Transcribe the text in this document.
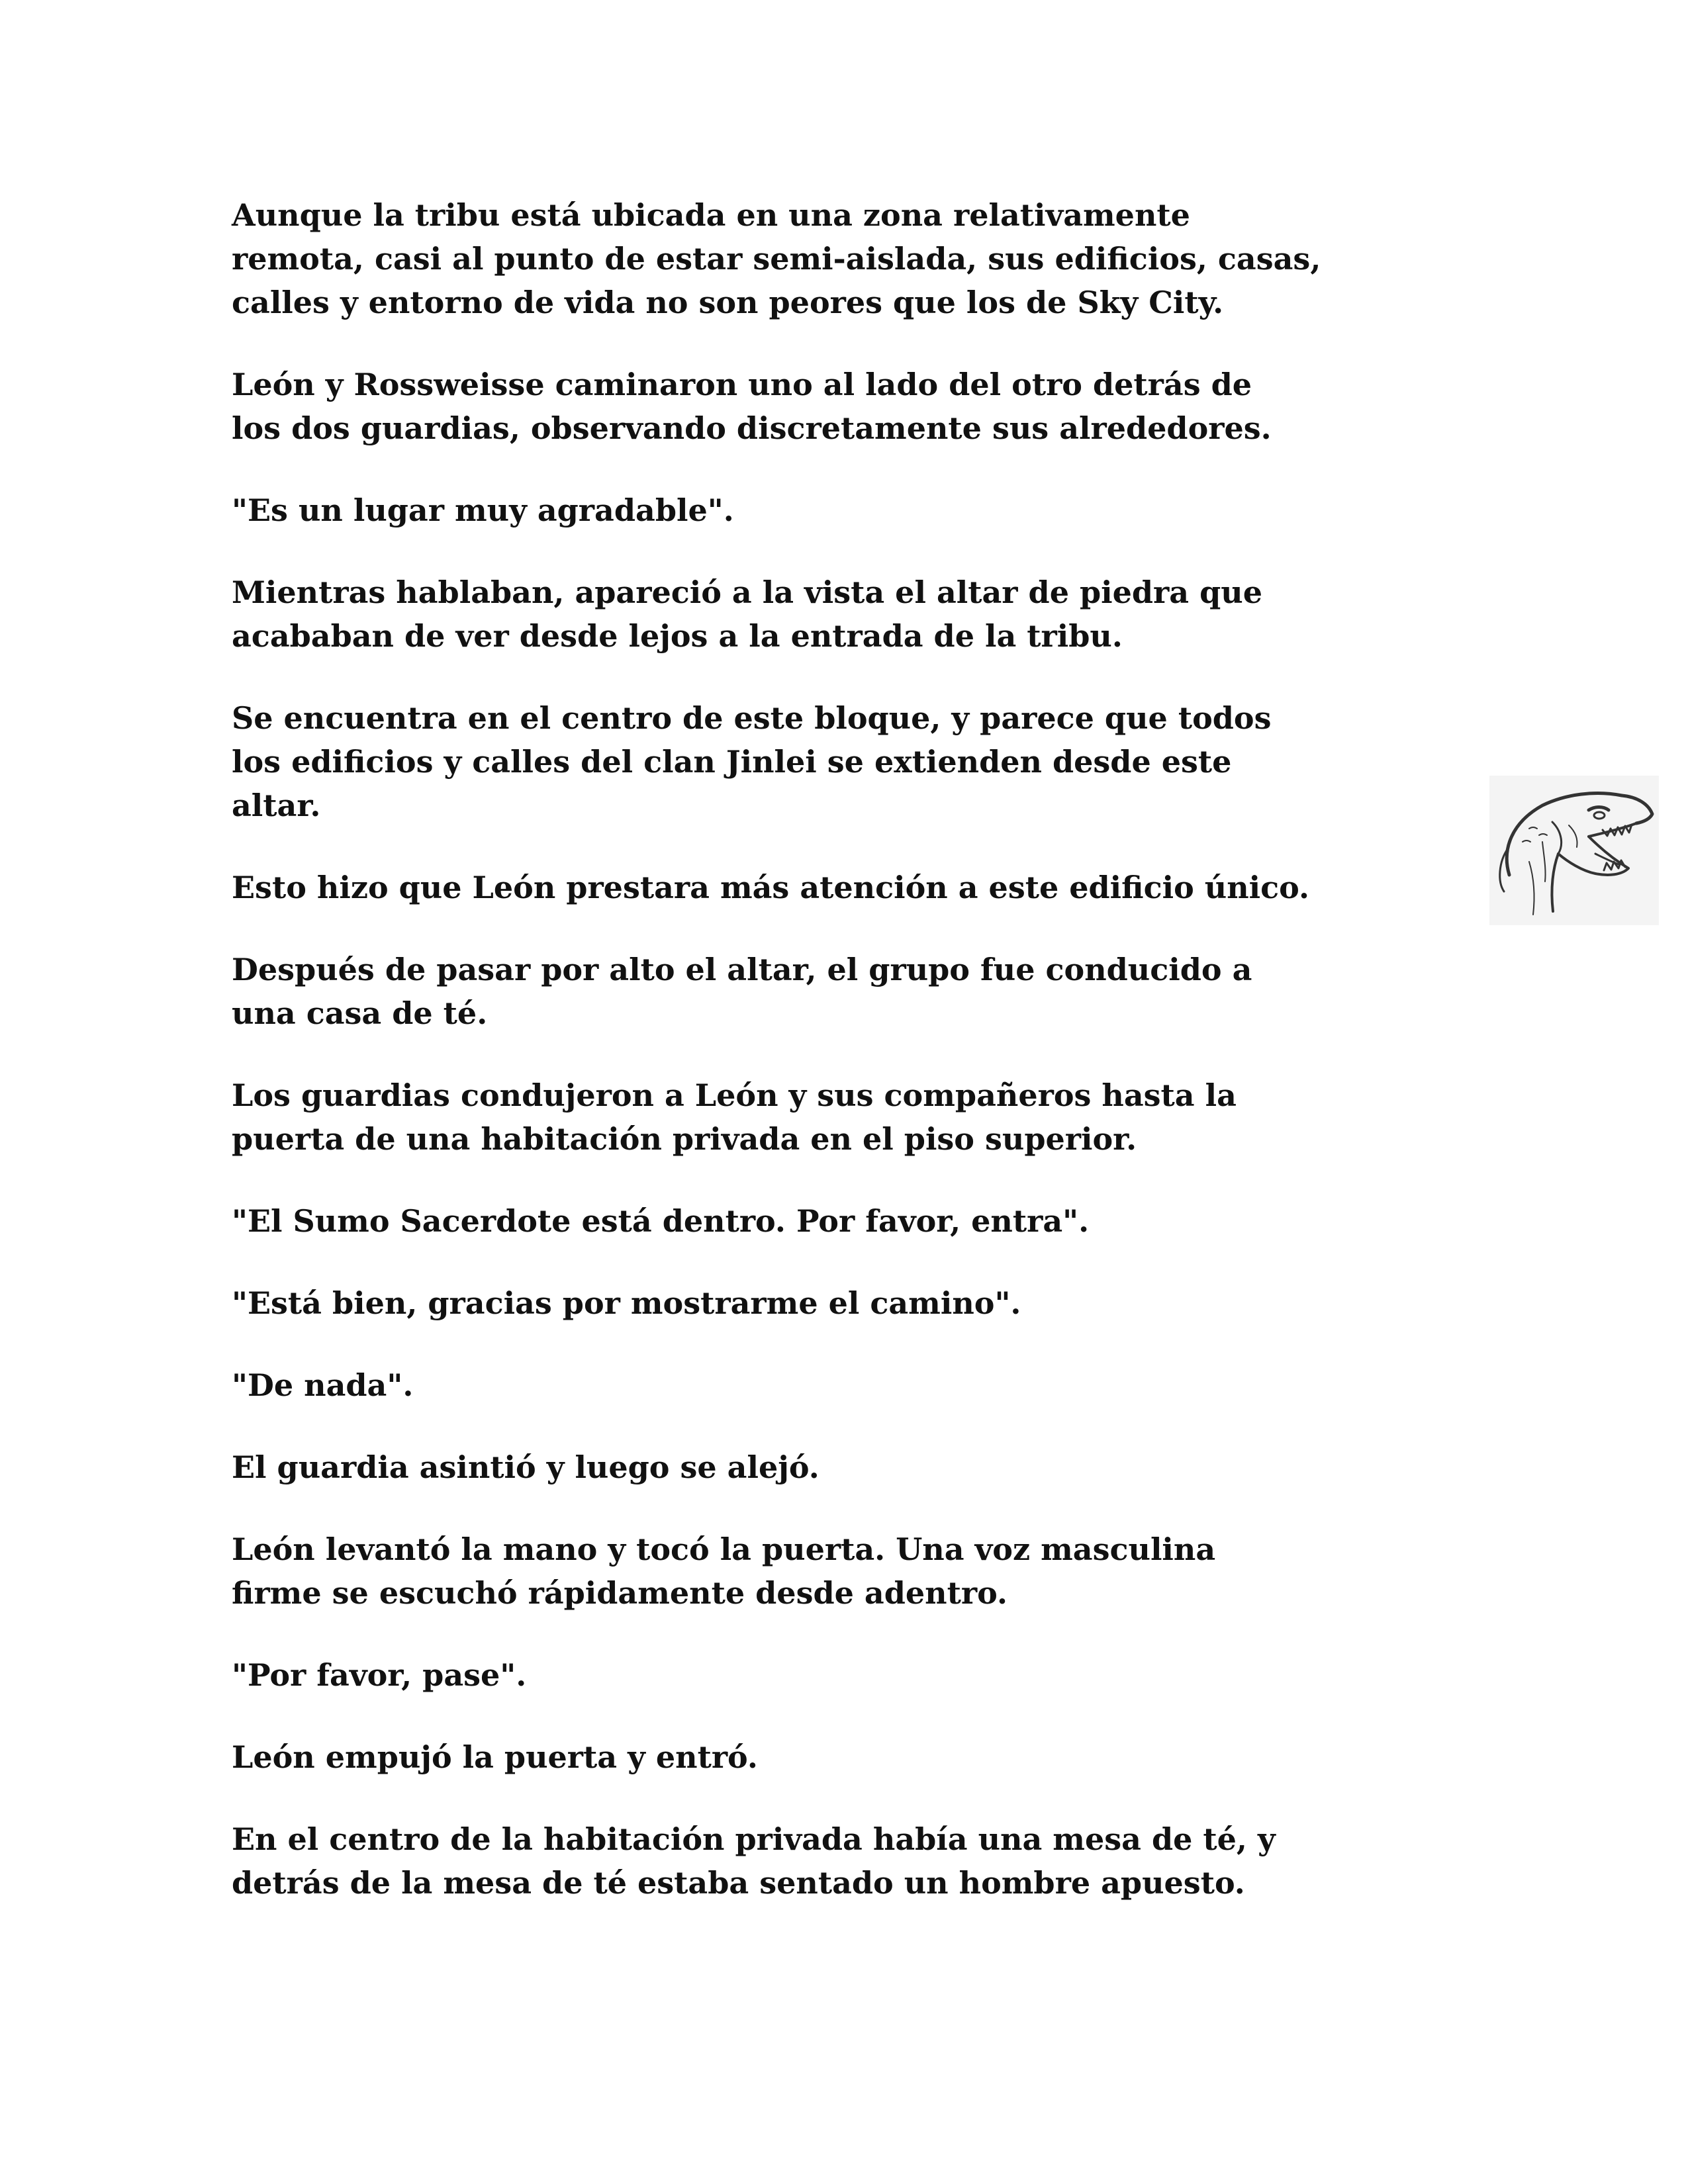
Aunque la tribu está ubicada en una zona relativamente
remota, casi al punto de estar semi-aislada, sus edificios, casas,
calles y entorno de vida no son peores que los de Sky City.

León y Rossweisse caminaron uno al lado del otro detrás de
los dos guardias, observando discretamente sus alrededores.

"Es un lugar muy agradable".

Mientras hablaban, apareció a la vista el altar de piedra que
acababan de ver desde lejos a la entrada de la tribu.

Se encuentra en el centro de este bloque, y parece que todos
los edificios y calles del clan Jinlei se extienden desde este
altar.

Esto hizo que León prestara más atención a este edificio único.

Después de pasar por alto el altar, el grupo fue conducido a
una casa de té.

Los guardias condujeron a León y sus compañeros hasta la
puerta de una habitación privada en el piso superior.

"El Sumo Sacerdote está dentro. Por favor, entra".

"Está bien, gracias por mostrarme el camino".

"De nada".

El guardia asintió y luego se alejó.

León levantó la mano y tocó la puerta. Una voz masculina
firme se escuchó rápidamente desde adentro.

"Por favor, pase".

León empujó la puerta y entró.

En el centro de la habitación privada había una mesa de té, y
detrás de la mesa de té estaba sentado un hombre apuesto.
